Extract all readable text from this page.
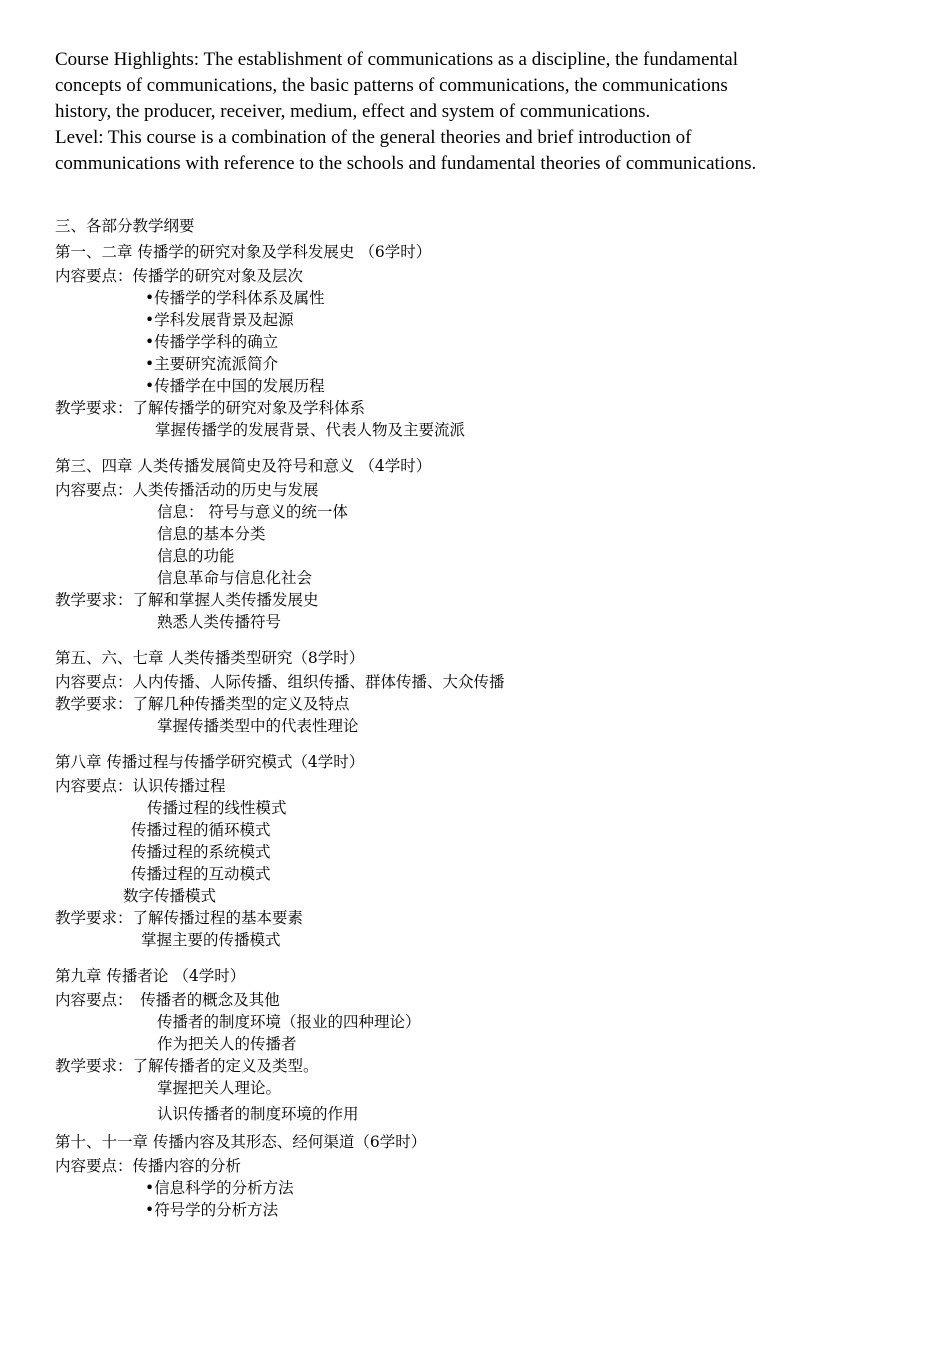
Course Highlights: The establishment of communications as a discipline, the fundamental

concepts of communications, the basic patterns of communications, the communications

history, the producer, receiver, medium, effect and system of communications.

Level: This course is a combination of the general theories and brief introduction of

communications with reference to the schools and fundamental theories of communications.

三、各部分教学纲要
第一、二章 传播学的研究对象及学科发展史 （6学时）
内容要点：传播学的研究对象及层次
•传播学的学科体系及属性
•学科发展背景及起源
•传播学学科的确立
•主要研究流派简介
•传播学在中国的发展历程
教学要求：了解传播学的研究对象及学科体系
掌握传播学的发展背景、代表人物及主要流派
第三、四章 人类传播发展简史及符号和意义 （4学时）
内容要点：人类传播活动的历史与发展
信息： 符号与意义的统一体
信息的基本分类
信息的功能
信息革命与信息化社会
教学要求：了解和掌握人类传播发展史
熟悉人类传播符号
第五、六、七章 人类传播类型研究（8学时）
内容要点：人内传播、人际传播、组织传播、群体传播、大众传播
教学要求：了解几种传播类型的定义及特点
掌握传播类型中的代表性理论
第八章 传播过程与传播学研究模式（4学时）
内容要点：认识传播过程
传播过程的线性模式
传播过程的循环模式
传播过程的系统模式
传播过程的互动模式
数字传播模式
教学要求：了解传播过程的基本要素
掌握主要的传播模式
第九章 传播者论 （4学时）
内容要点：　传播者的概念及其他
传播者的制度环境（报业的四种理论）
作为把关人的传播者
教学要求：了解传播者的定义及类型。
掌握把关人理论。
认识传播者的制度环境的作用
第十、十一章 传播内容及其形态、经何渠道（6学时）
内容要点：传播内容的分析
•信息科学的分析方法
•符号学的分析方法
